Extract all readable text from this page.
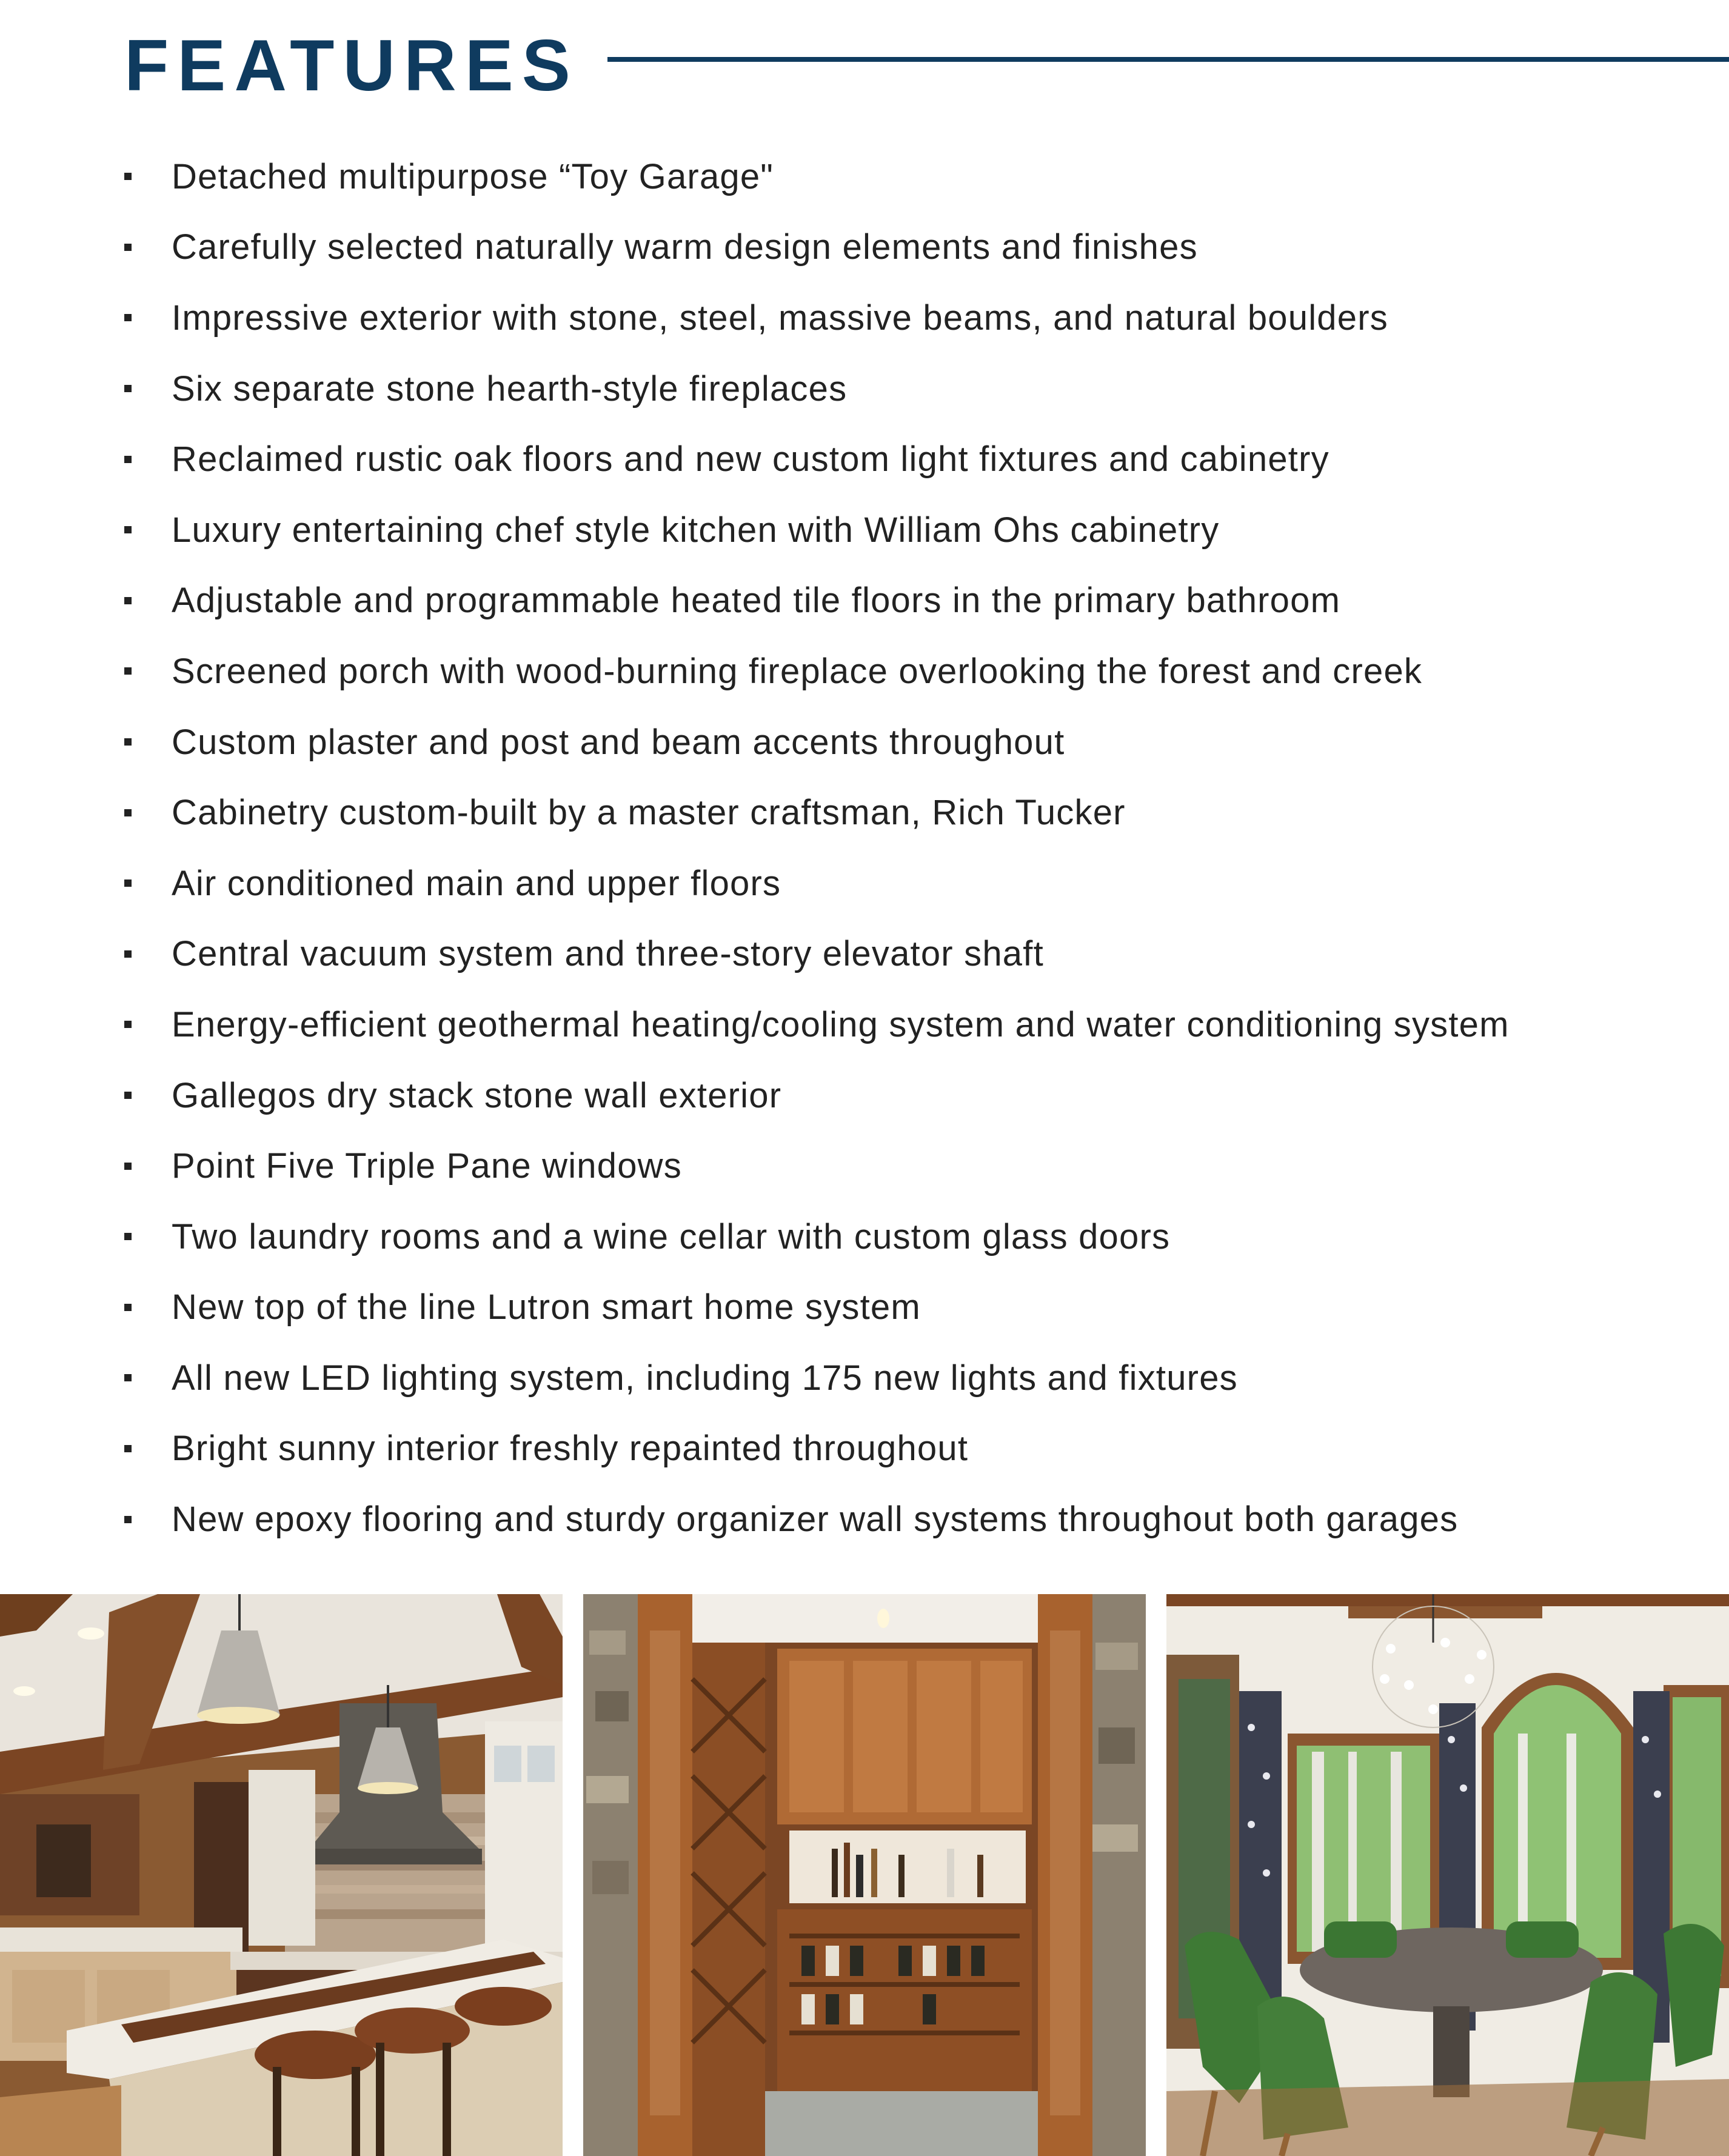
FEATURES
Detached multipurpose “Toy Garage"
Carefully selected naturally warm design elements and finishes
Impressive exterior with stone, steel, massive beams, and natural boulders
Six separate stone hearth-style fireplaces
Reclaimed rustic oak floors and new custom light fixtures and cabinetry
Luxury entertaining chef style kitchen with William Ohs cabinetry
Adjustable and programmable heated tile floors in the primary bathroom
Screened porch with wood-burning fireplace overlooking the forest and creek
Custom plaster and post and beam accents throughout
Cabinetry custom-built by a master craftsman, Rich Tucker
Air conditioned main and upper floors
Central vacuum system and three-story elevator shaft
Energy-efficient geothermal heating/cooling system and water conditioning system
Gallegos dry stack stone wall exterior
Point Five Triple Pane windows
Two laundry rooms and a wine cellar with custom glass doors
New top of the line Lutron smart home system
All new LED lighting system, including 175 new lights and fixtures
Bright sunny interior freshly repainted throughout
New epoxy flooring and sturdy organizer wall systems throughout both garages
